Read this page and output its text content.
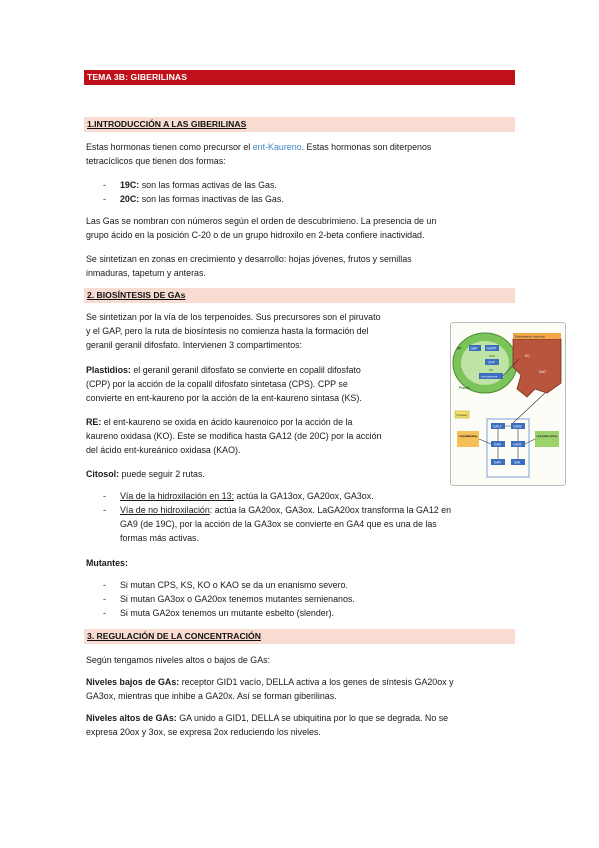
TEMA 3B: GIBERILINAS
1.INTRODUCCIÓN A LAS GIBERILINAS
Estas hormonas tienen como precursor el ent-Kaureno. Estas hormonas son diterpenos
tetracíclicos que tienen dos formas:
- 19C: son las formas activas de las Gas.
- 20C: son las formas inactivas de las Gas.
Las Gas se nombran con números según el orden de descubrimieno. La presencia de un
grupo ácido en la posición C-20 o de un grupo hidroxilo en 2-beta confiere inactividad.
Se sintetizan en zonas en crecimiento y desarrollo: hojas jóvenes, frutos y semillas
inmaduras, tapetum y anteras.
2. BIOSÍNTESIS DE GAs
Se sintetizan por la vía de los terpenoides. Sus precursores son el piruvato
y el GAP, pero la ruta de biosíntesis no comienza hasta la formación del
geranil geranil difosfato. Intervienen 3 compartimentos:
Plastidios: el geranil geranil difosfato se convierte en copalil difosfato
(CPP) por la acción de la copalil difosfato sintetasa (CPS). CPP se
convierte en ent-kaureno por la acción de la ent-kaureno sintasa (KS).
RE: el ent-kaureno se oxida en ácido kaurenoico por la acción de la
kaureno oxidasa (KO). Este se modifica hasta GA12 (de 20C) por la acción
del ácido ent-kureánico oxidasa (KAO).
Citosol: puede seguir 2 rutas.
- Vía de la hidroxilación en 13: actúa la GA13ox, GA20ox, GA3ox.
- Vía de no hidroxilación: actúa la GA20ox, GA3ox. LaGA20ox transforma la GA12 en
GA9 (de 19C), por la acción de la GA3ox se convierte en GA4 que es una de las
formas más activas.
Mutantes:
- Si mutan CPS, KS, KO o KAO se da un enanismo severo.
- Si mutan GA3ox o GA20ox tenemos mutantes semienanos.
- Si muta GA2ox tenemos un mutante esbelto (slender).
3. REGULACIÓN DE LA CONCENTRACIÓN
Según tengamos niveles altos o bajos de GAs:
Niveles bajos de GAs: receptor GID1 vacío, DELLA activa a los genes de síntesis GA20ox y
GA3ox, mientras que inhibe a GA20x. Así se forman giberilinas.
Niveles altos de GAs: GA unido a GID1, DELLA se ubiquitina por lo que se degrada. No se
expresa 20ox y 3ox, se expresa 2ox reduciendo los niveles.
Plastid
GAP
pyr	GGPP
CPS
CPP
KS
ent-kaurene
Endoplasmic reticulum
KO
KAO
Cytosol
Non-hydroxylation pathway	Hydroxylation pathway
GA12	GA53
GA9	GA20
GA4	GA1
